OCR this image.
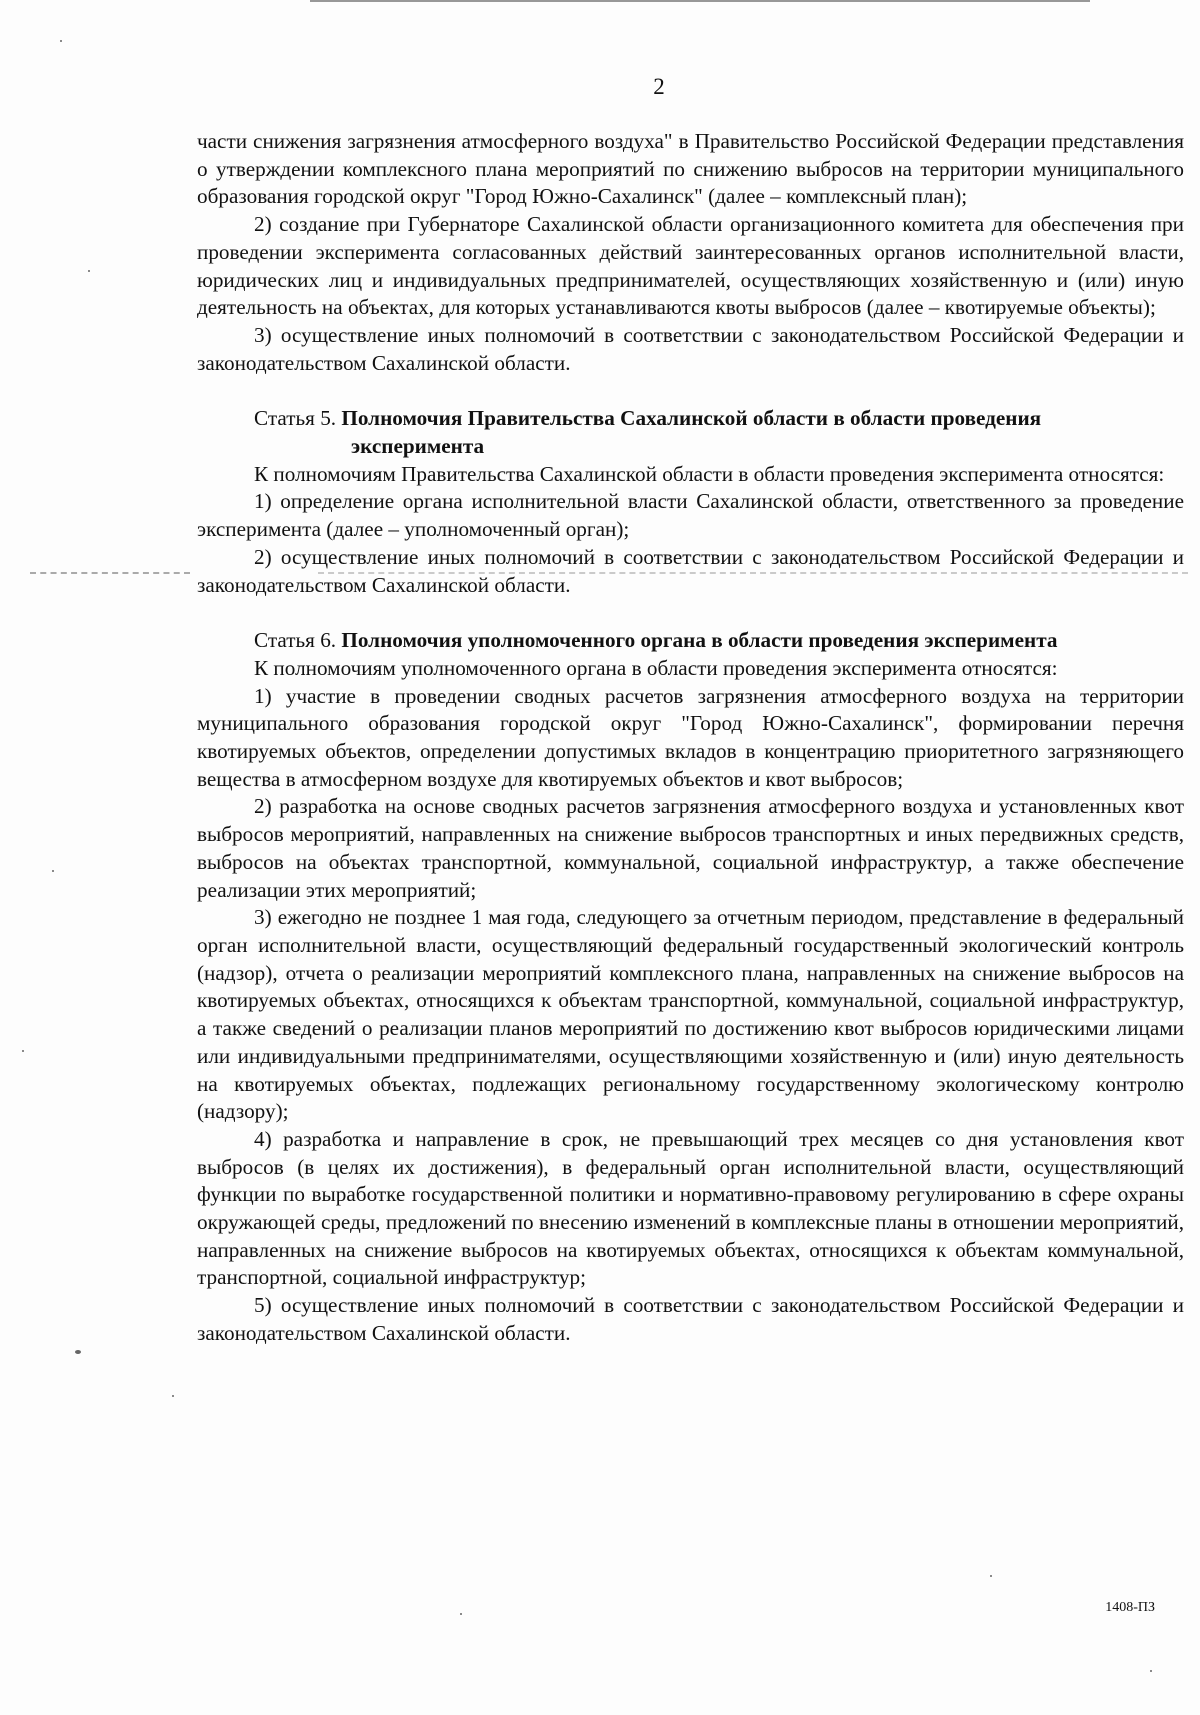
2

части снижения загрязнения атмосферного воздуха" в Правительство Российской Федерации представления о утверждении комплексного плана мероприятий по снижению выбросов на территории муниципального образования городской округ "Город Южно-Сахалинск" (далее – комплексный план);

2) создание при Губернаторе Сахалинской области организационного комитета для обеспечения при проведении эксперимента согласованных действий заинтересованных органов исполнительной власти, юридических лиц и индивидуальных предпринимателей, осуществляющих хозяйственную и (или) иную деятельность на объектах, для которых устанавливаются квоты выбросов (далее – квотируемые объекты);

3) осуществление иных полномочий в соответствии с законодательством Российской Федерации и законодательством Сахалинской области.

Статья 5. Полномочия Правительства Сахалинской области в области проведения
эксперимента

К полномочиям Правительства Сахалинской области в области проведения эксперимента относятся:

1) определение органа исполнительной власти Сахалинской области, ответственного за проведение эксперимента (далее – уполномоченный орган);

2) осуществление иных полномочий в соответствии с законодательством Российской Федерации и законодательством Сахалинской области.

Статья 6. Полномочия уполномоченного органа в области проведения эксперимента

К полномочиям уполномоченного органа в области проведения эксперимента относятся:

1) участие в проведении сводных расчетов загрязнения атмосферного воздуха на территории муниципального образования городской округ "Город Южно-Сахалинск", формировании перечня квотируемых объектов, определении допустимых вкладов в концентрацию приоритетного загрязняющего вещества в атмосферном воздухе для квотируемых объектов и квот выбросов;

2) разработка на основе сводных расчетов загрязнения атмосферного воздуха и установленных квот выбросов мероприятий, направленных на снижение выбросов транспортных и иных передвижных средств, выбросов на объектах транспортной, коммунальной, социальной инфраструктур, а также обеспечение реализации этих мероприятий;

3) ежегодно не позднее 1 мая года, следующего за отчетным периодом, представление в федеральный орган исполнительной власти, осуществляющий федеральный государственный экологический контроль (надзор), отчета о реализации мероприятий комплексного плана, направленных на снижение выбросов на квотируемых объектах, относящихся к объектам транспортной, коммунальной, социальной инфраструктур, а также сведений о реализации планов мероприятий по достижению квот выбросов юридическими лицами или индивидуальными предпринимателями, осуществляющими хозяйственную и (или) иную деятельность на квотируемых объектах, подлежащих региональному государственному экологическому контролю (надзору);

4) разработка и направление в срок, не превышающий трех месяцев со дня установления квот выбросов (в целях их достижения), в федеральный орган исполнительной власти, осуществляющий функции по выработке государственной политики и нормативно-правовому регулированию в сфере охраны окружающей среды, предложений по внесению изменений в комплексные планы в отношении мероприятий, направленных на снижение выбросов на квотируемых объектах, относящихся к объектам коммунальной, транспортной, социальной инфраструктур;

5) осуществление иных полномочий в соответствии с законодательством Российской Федерации и законодательством Сахалинской области.

1408-ПЗ
